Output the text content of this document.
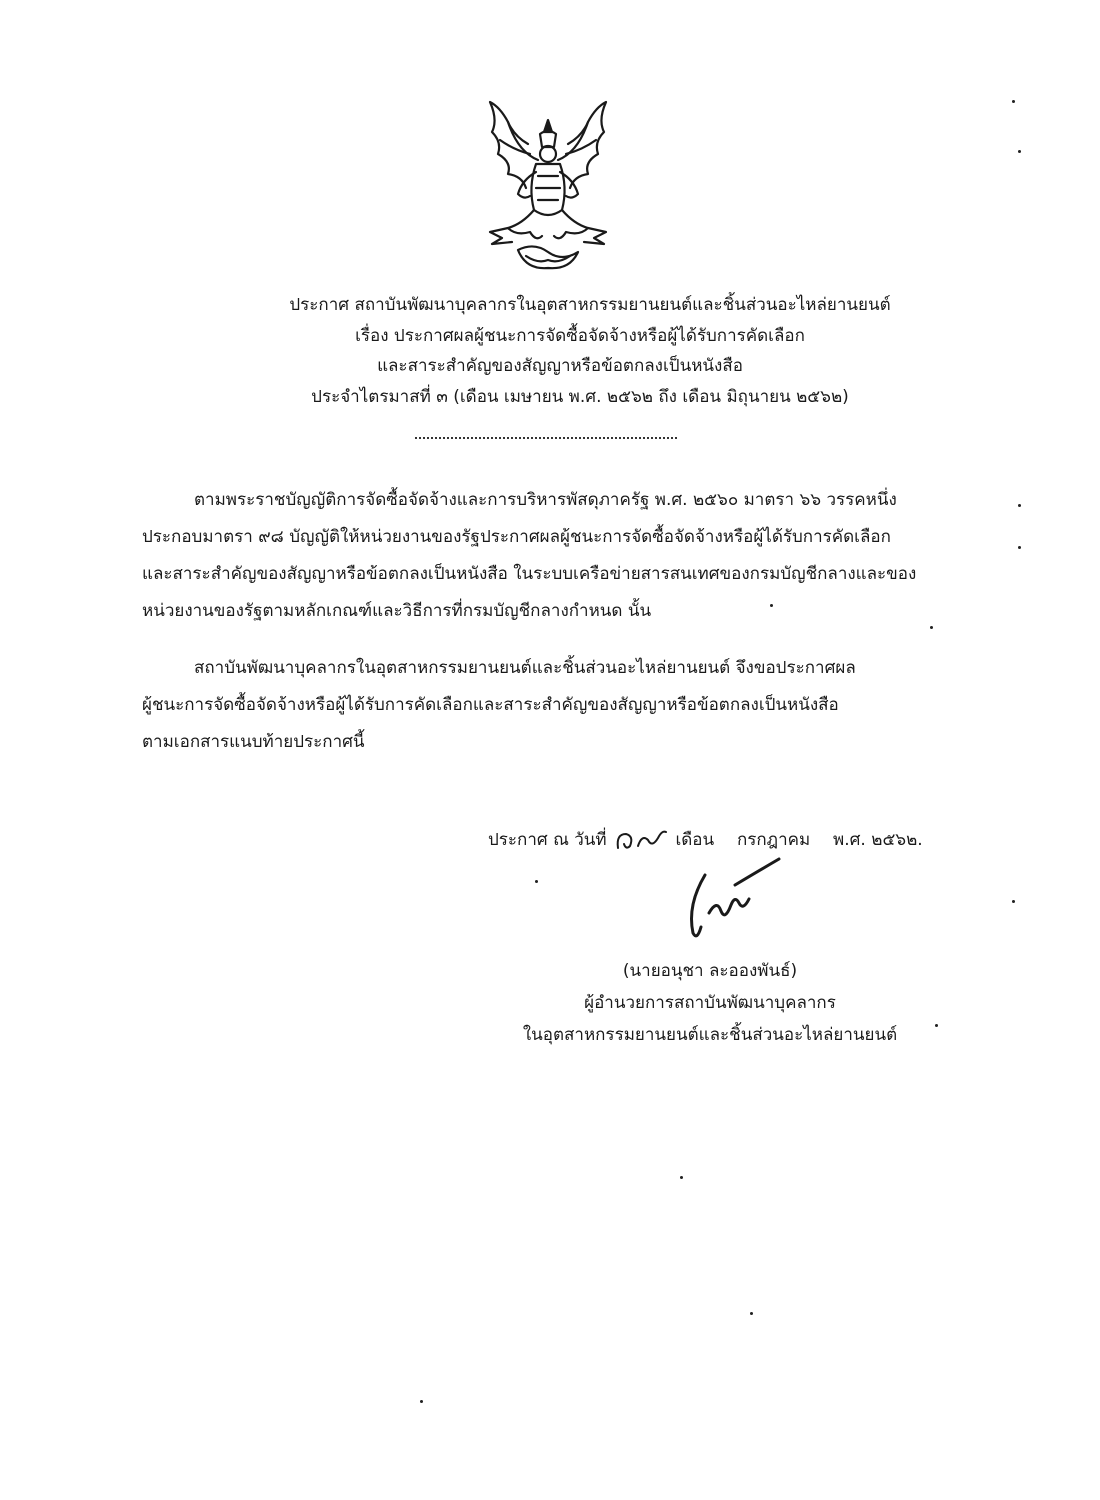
ประกาศ สถาบันพัฒนาบุคลากรในอุตสาหกรรมยานยนต์และชิ้นส่วนอะไหล่ยานยนต์
เรื่อง ประกาศผลผู้ชนะการจัดซื้อจัดจ้างหรือผู้ได้รับการคัดเลือก
และสาระสำคัญของสัญญาหรือข้อตกลงเป็นหนังสือ
ประจำไตรมาสที่ ๓ (เดือน เมษายน พ.ศ. ๒๕๖๒ ถึง เดือน มิถุนายน ๒๕๖๒)
ตามพระราชบัญญัติการจัดซื้อจัดจ้างและการบริหารพัสดุภาครัฐ พ.ศ. ๒๕๖๐ มาตรา ๖๖ วรรคหนึ่ง
ประกอบมาตรา ๙๘ บัญญัติให้หน่วยงานของรัฐประกาศผลผู้ชนะการจัดซื้อจัดจ้างหรือผู้ได้รับการคัดเลือก
และสาระสำคัญของสัญญาหรือข้อตกลงเป็นหนังสือ ในระบบเครือข่ายสารสนเทศของกรมบัญชีกลางและของ
หน่วยงานของรัฐตามหลักเกณฑ์และวิธีการที่กรมบัญชีกลางกำหนด นั้น
สถาบันพัฒนาบุคลากรในอุตสาหกรรมยานยนต์และชิ้นส่วนอะไหล่ยานยนต์ จึงขอประกาศผล
ผู้ชนะการจัดซื้อจัดจ้างหรือผู้ได้รับการคัดเลือกและสาระสำคัญของสัญญาหรือข้อตกลงเป็นหนังสือ
ตามเอกสารแนบท้ายประกาศนี้
ประกาศ ณ วันที่	เดือน กรกฎาคม พ.ศ. ๒๕๖๒.
(นายอนุชา ละอองพันธ์)
ผู้อำนวยการสถาบันพัฒนาบุคลากร
ในอุตสาหกรรมยานยนต์และชิ้นส่วนอะไหล่ยานยนต์
